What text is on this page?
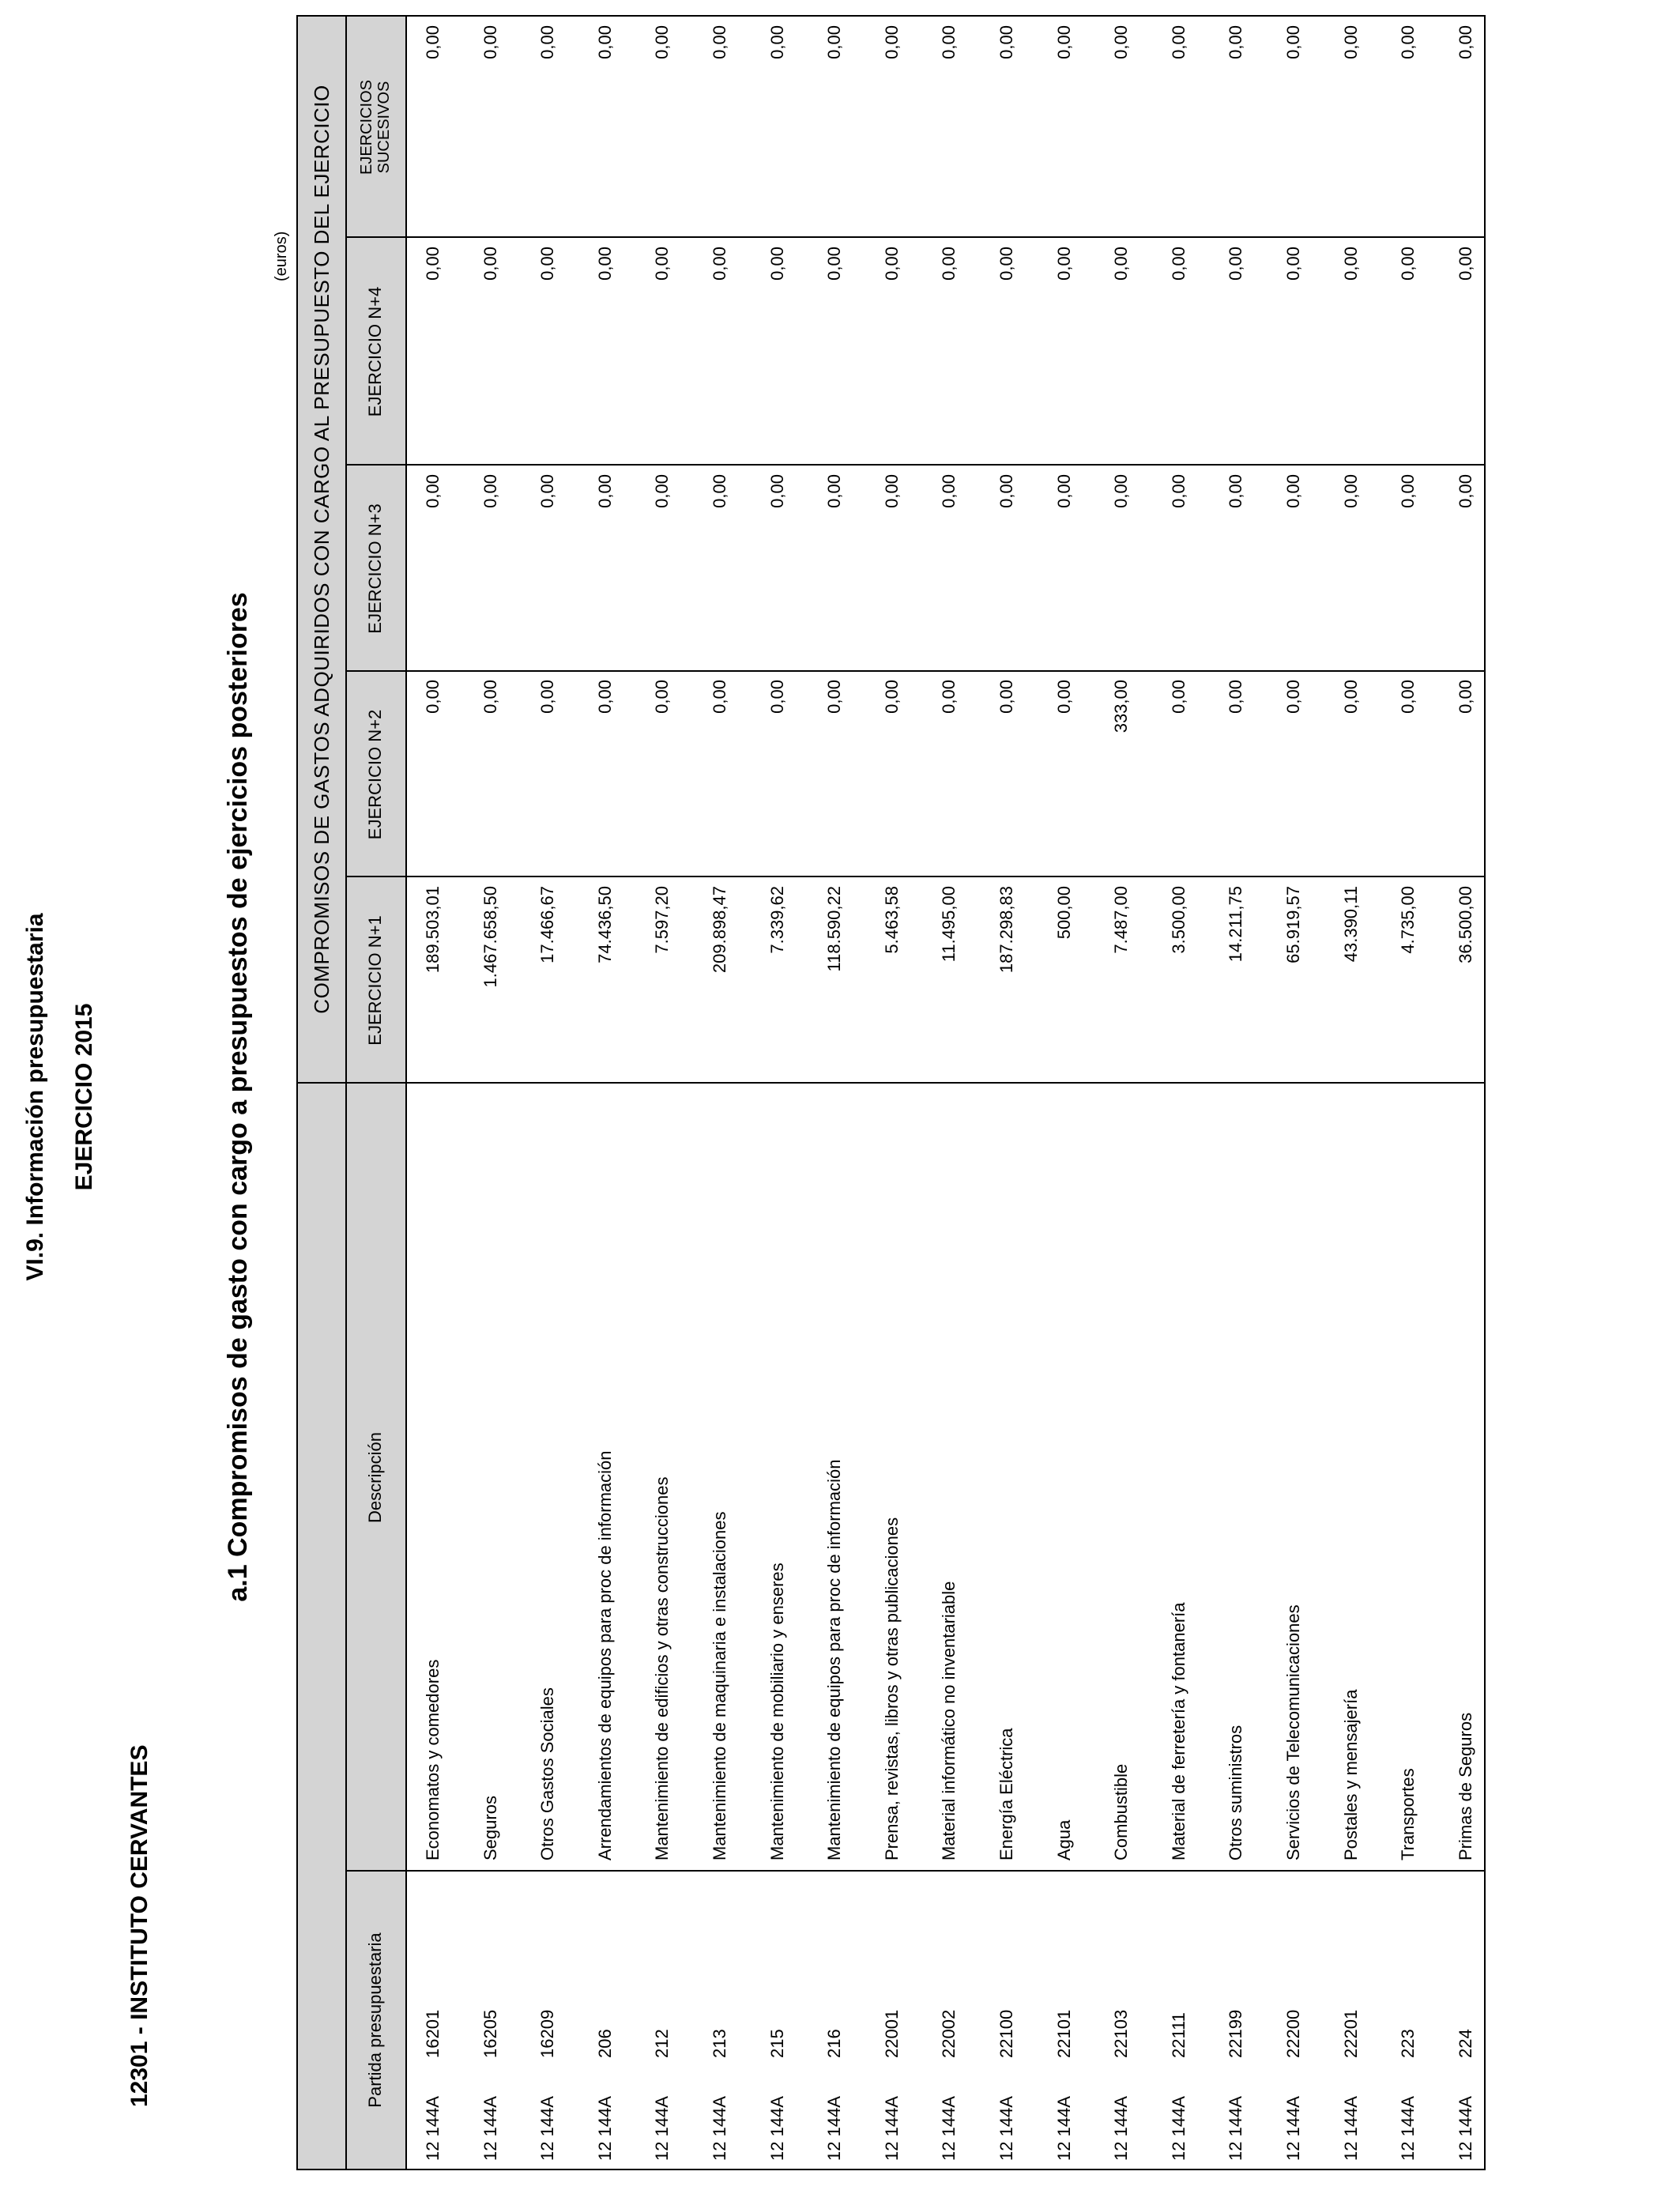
VI.9. Información presupuestaria EJERCICIO 2015
12301 - INSTITUTO CERVANTES
a.1 Compromisos de gasto con cargo a presupuestos de ejercicios posteriores
(euros) COMPROMISOS DE GASTOS ADQUIRIDOS CON CARGO AL PRESUPUESTO DEL EJERCICIO
Partida presupuestaria
Descripción
EJERCICIO N+1
EJERCICIO N+2
EJERCICIO N+3
EJERCICIO N+4
EJERCICIOS SUCESIVOS
12 144A
16201
Economatos y comedores
189.503,01
0,00
0,00
0,00
0,00
12 144A
16205
Seguros
1.467.658,50
0,00
0,00
0,00
0,00
12 144A
16209
Otros Gastos Sociales
17.466,67
0,00
0,00
0,00
0,00
12 144A
206
Arrendamientos de equipos para proc de información
74.436,50
0,00
0,00
0,00
0,00
12 144A
212
Mantenimiento de edificios y otras construcciones
7.597,20
0,00
0,00
0,00
0,00
12 144A
213
Mantenimiento de maquinaria e instalaciones
209.898,47
0,00
0,00
0,00
0,00
12 144A
215
Mantenimiento de mobiliario y enseres
7.339,62
0,00
0,00
0,00
0,00
12 144A
216
Mantenimiento de equipos para proc de información
118.590,22
0,00
0,00
0,00
0,00
12 144A
22001
Prensa, revistas, libros y otras publicaciones
5.463,58
0,00
0,00
0,00
0,00
12 144A
22002
Material informático no inventariable
11.495,00
0,00
0,00
0,00
0,00
12 144A
22100
Energía Eléctrica
187.298,83
0,00
0,00
0,00
0,00
12 144A
22101
Agua
500,00
0,00
0,00
0,00
0,00
12 144A
22103
Combustible
7.487,00
333,00
0,00
0,00
0,00
12 144A
22111
Material de ferretería y fontanería
3.500,00
0,00
0,00
0,00
0,00
12 144A
22199
Otros suministros
14.211,75
0,00
0,00
0,00
0,00
12 144A
22200
Servicios de Telecomunicaciones
65.919,57
0,00
0,00
0,00
0,00
12 144A
22201
Postales y mensajería
43.390,11
0,00
0,00
0,00
0,00
12 144A
223
Transportes
4.735,00
0,00
0,00
0,00
0,00
12 144A
224
Primas de Seguros
36.500,00
0,00
0,00
0,00
0,00
